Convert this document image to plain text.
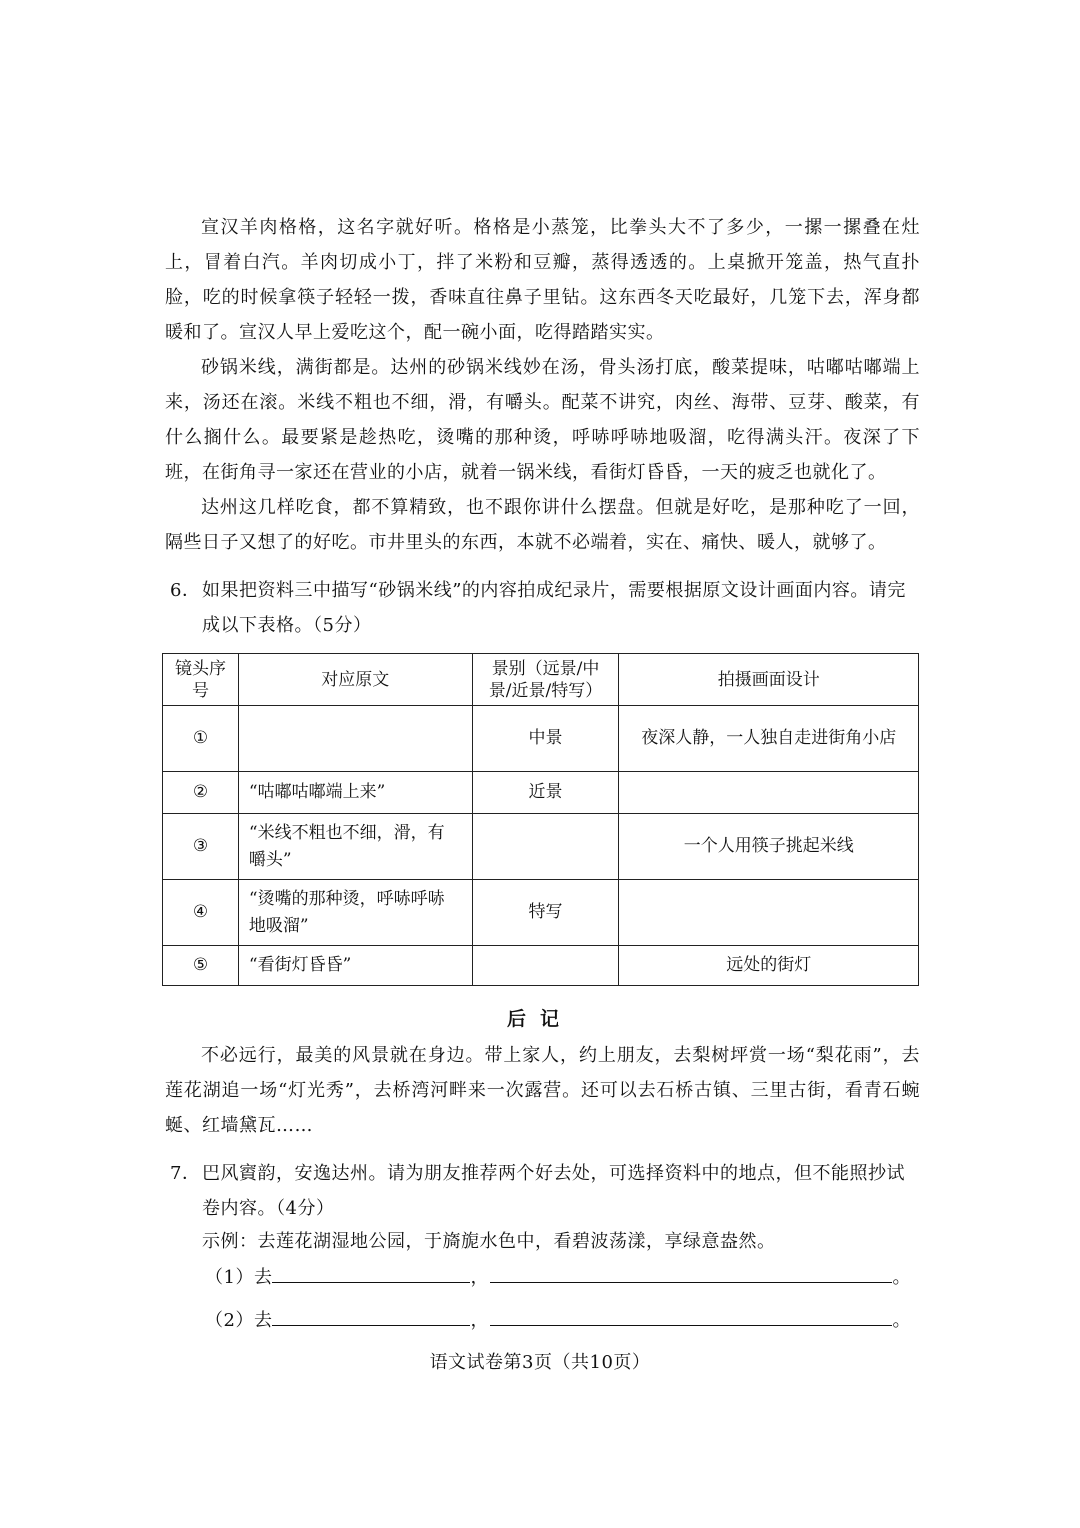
宣汉羊肉格格，这名字就好听。格格是小蒸笼，比拳头大不了多少，一摞一摞叠在灶上，冒着白汽。羊肉切成小丁，拌了米粉和豆瓣，蒸得透透的。上桌掀开笼盖，热气直扑脸，吃的时候拿筷子轻轻一拨，香味直往鼻子里钻。这东西冬天吃最好，几笼下去，浑身都暖和了。宣汉人早上爱吃这个，配一碗小面，吃得踏踏实实。

砂锅米线，满街都是。达州的砂锅米线妙在汤，骨头汤打底，酸菜提味，咕嘟咕嘟端上来，汤还在滚。米线不粗也不细，滑，有嚼头。配菜不讲究，肉丝、海带、豆芽、酸菜，有什么搁什么。最要紧是趁热吃，烫嘴的那种烫，呼哧呼哧地吸溜，吃得满头汗。夜深了下班，在街角寻一家还在营业的小店，就着一锅米线，看街灯昏昏，一天的疲乏也就化了。

达州这几样吃食，都不算精致，也不跟你讲什么摆盘。但就是好吃，是那种吃了一回，隔些日子又想了的好吃。市井里头的东西，本就不必端着，实在、痛快、暖人，就够了。

6． 如果把资料三中描写“砂锅米线”的内容拍成纪录片，需要根据原文设计画面内容。请完成以下表格。（5分）
镜头序号	对应原文	景别（远景/中景/近景/特写）	拍摄画面设计
①		中景	夜深人静，一人独自走进街角小店
②	“咕嘟咕嘟端上来”	近景	
③	“米线不粗也不细，滑，有嚼头”		一个人用筷子挑起米线
④	“烫嘴的那种烫，呼哧呼哧地吸溜”	特写	
⑤	“看街灯昏昏”		远处的街灯
后记

不必远行，最美的风景就在身边。带上家人，约上朋友，去梨树坪赏一场“梨花雨”，去莲花湖追一场“灯光秀”，去桥湾河畔来一次露营。还可以去石桥古镇、三里古街，看青石蜿蜒、红墙黛瓦……

7． 巴风賨韵，安逸达州。请为朋友推荐两个好去处，可选择资料中的地点，但不能照抄试卷内容。（4分）
示例：去莲花湖湿地公园，于旖旎水色中，看碧波荡漾，享绿意盎然。
（1）去	，	。
（2）去	，	。
语文试卷第3页（共10页）
